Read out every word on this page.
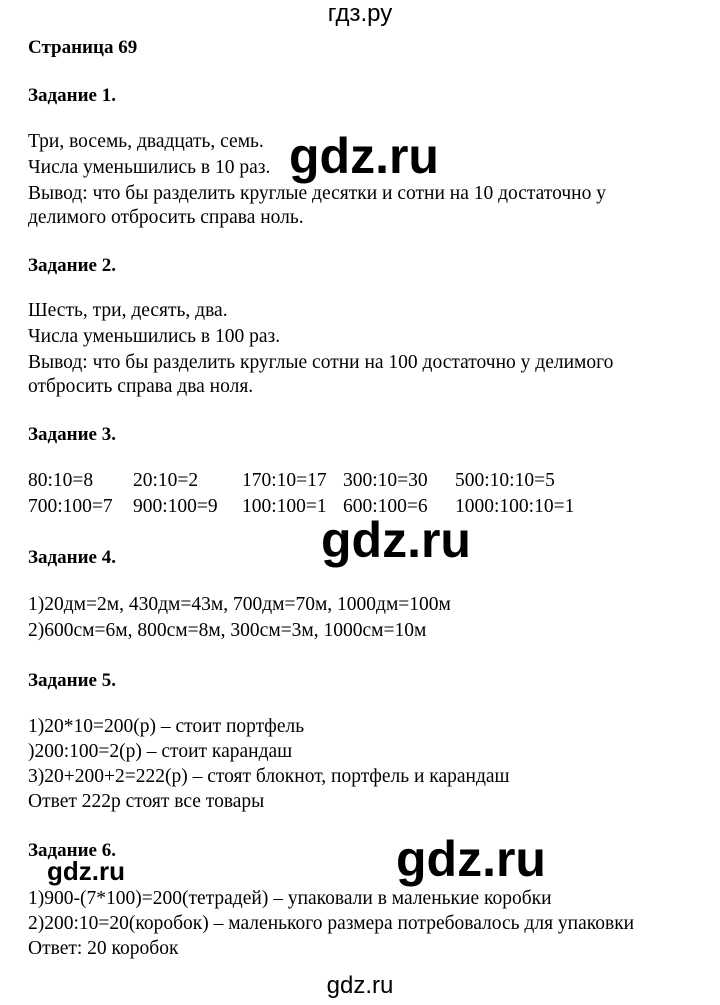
гдз.ру
Страница 69
Задание 1.
Три, восемь, двадцать, семь.
Числа уменьшились в 10 раз.
Вывод: что бы разделить круглые десятки и сотни на 10 достаточно у
делимого отбросить справа ноль.
Задание 2.
Шесть, три, десять, два.
Числа уменьшились в 100 раз.
Вывод: что бы разделить круглые сотни на 100 достаточно у делимого
отбросить справа два ноля.
Задание 3.
80:10=8 20:10=2 170:10=17 300:10=30 500:10:10=5
700:100=7 900:100=9 100:100=1 600:100=6 1000:100:10=1
Задание 4.
1)20дм=2м, 430дм=43м, 700дм=70м, 1000дм=100м
2)600см=6м, 800см=8м, 300см=3м, 1000см=10м
Задание 5.
1)20*10=200(р) – стоит портфель
)200:100=2(р) – стоит карандаш
3)20+200+2=222(р) – стоят блокнот, портфель и карандаш
Ответ 222р стоят все товары
Задание 6.
1)900-(7*100)=200(тетрадей) – упаковали в маленькие коробки
2)200:10=20(коробок) – маленького размера потребовалось для упаковки
Ответ: 20 коробок
gdz.ru
gdz.ru
gdz.ru
gdz.ru
gdz.ru
